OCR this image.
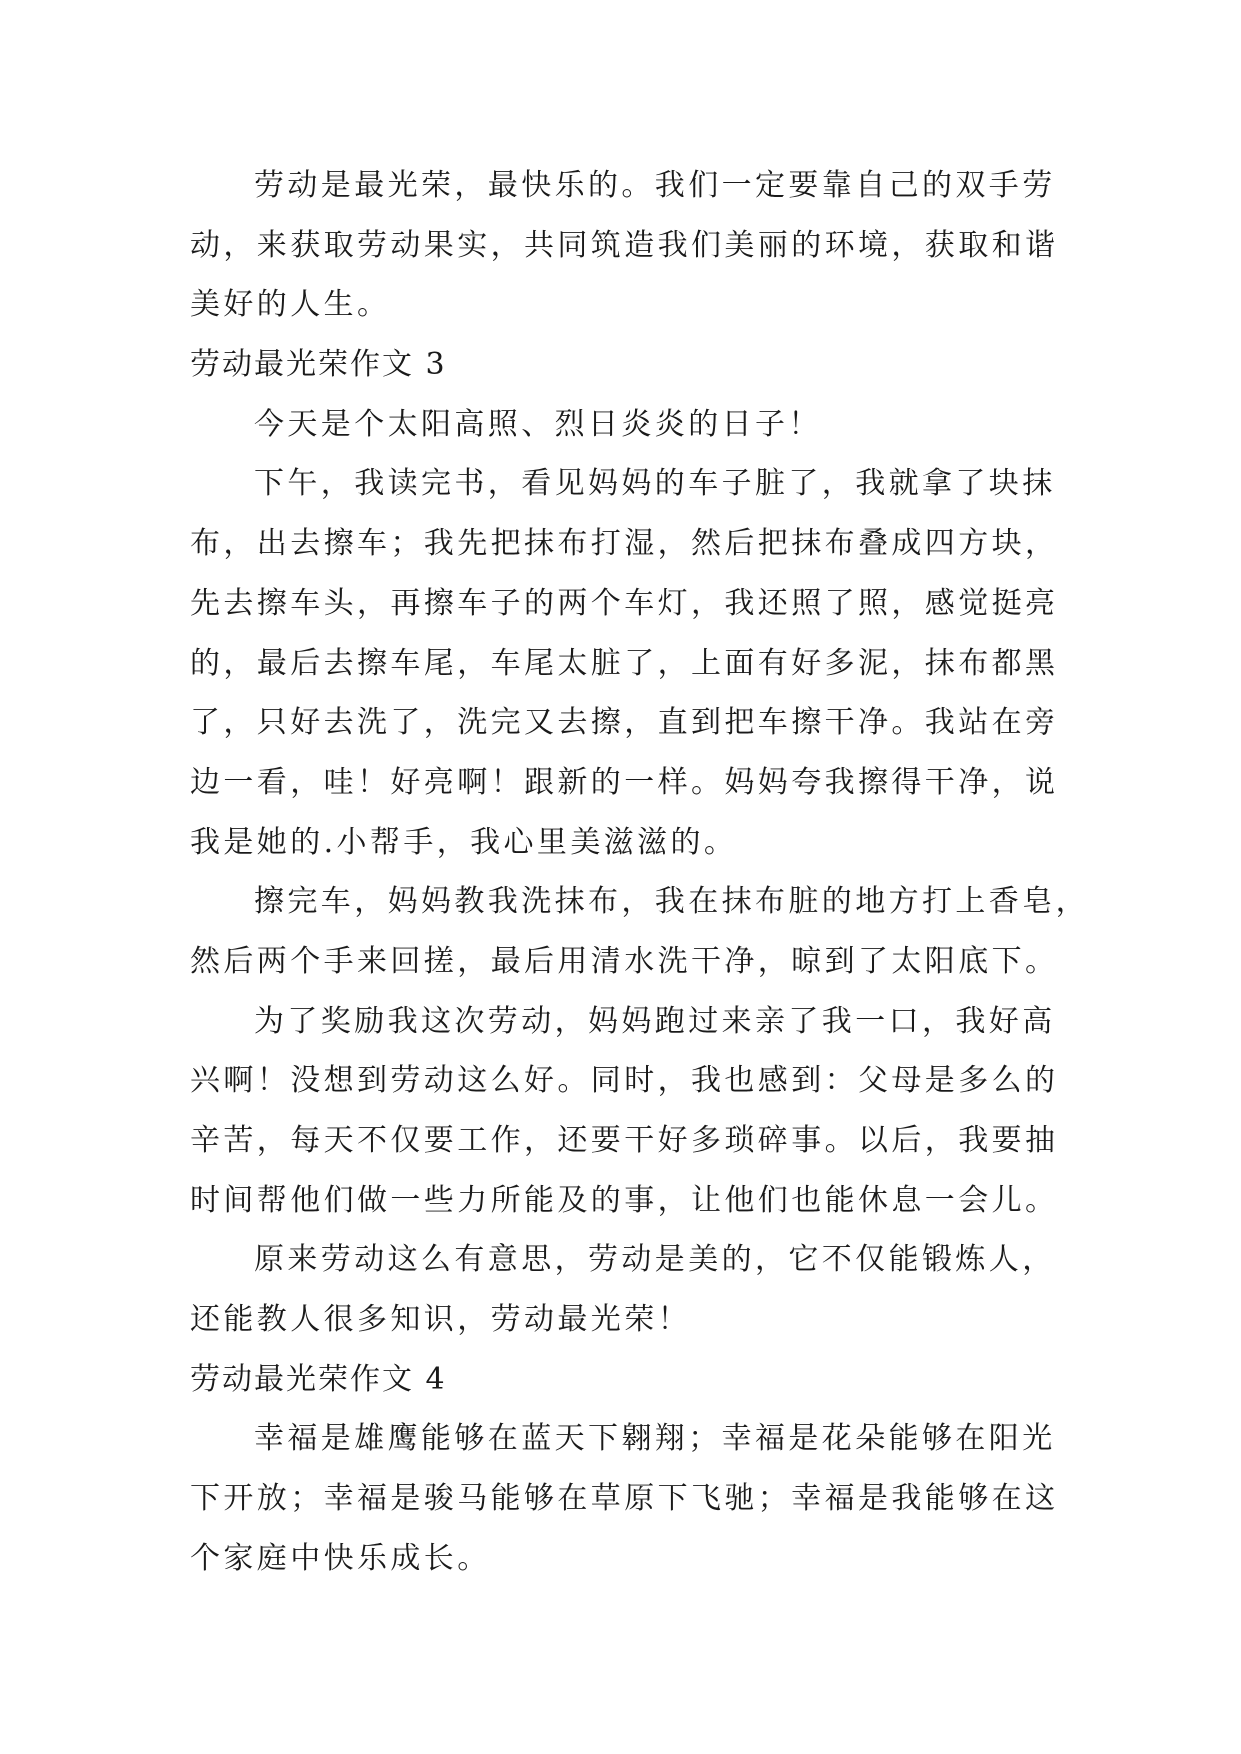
劳动是最光荣，最快乐的。我们一定要靠自己的双手劳
动，来获取劳动果实，共同筑造我们美丽的环境，获取和谐
美好的人生。
劳动最光荣作文 3
今天是个太阳高照、烈日炎炎的日子！
下午，我读完书，看见妈妈的车子脏了，我就拿了块抹
布，出去擦车；我先把抹布打湿，然后把抹布叠成四方块，
先去擦车头，再擦车子的两个车灯，我还照了照，感觉挺亮
的，最后去擦车尾，车尾太脏了，上面有好多泥，抹布都黑
了，只好去洗了，洗完又去擦，直到把车擦干净。我站在旁
边一看，哇！好亮啊！跟新的一样。妈妈夸我擦得干净，说
我是她的.小帮手，我心里美滋滋的。
擦完车，妈妈教我洗抹布，我在抹布脏的地方打上香皂，
然后两个手来回搓，最后用清水洗干净，晾到了太阳底下。
为了奖励我这次劳动，妈妈跑过来亲了我一口，我好高
兴啊！没想到劳动这么好。同时，我也感到：父母是多么的
辛苦，每天不仅要工作，还要干好多琐碎事。以后，我要抽
时间帮他们做一些力所能及的事，让他们也能休息一会儿。
原来劳动这么有意思，劳动是美的，它不仅能锻炼人，
还能教人很多知识，劳动最光荣！
劳动最光荣作文 4
幸福是雄鹰能够在蓝天下翱翔；幸福是花朵能够在阳光
下开放；幸福是骏马能够在草原下飞驰；幸福是我能够在这
个家庭中快乐成长。
